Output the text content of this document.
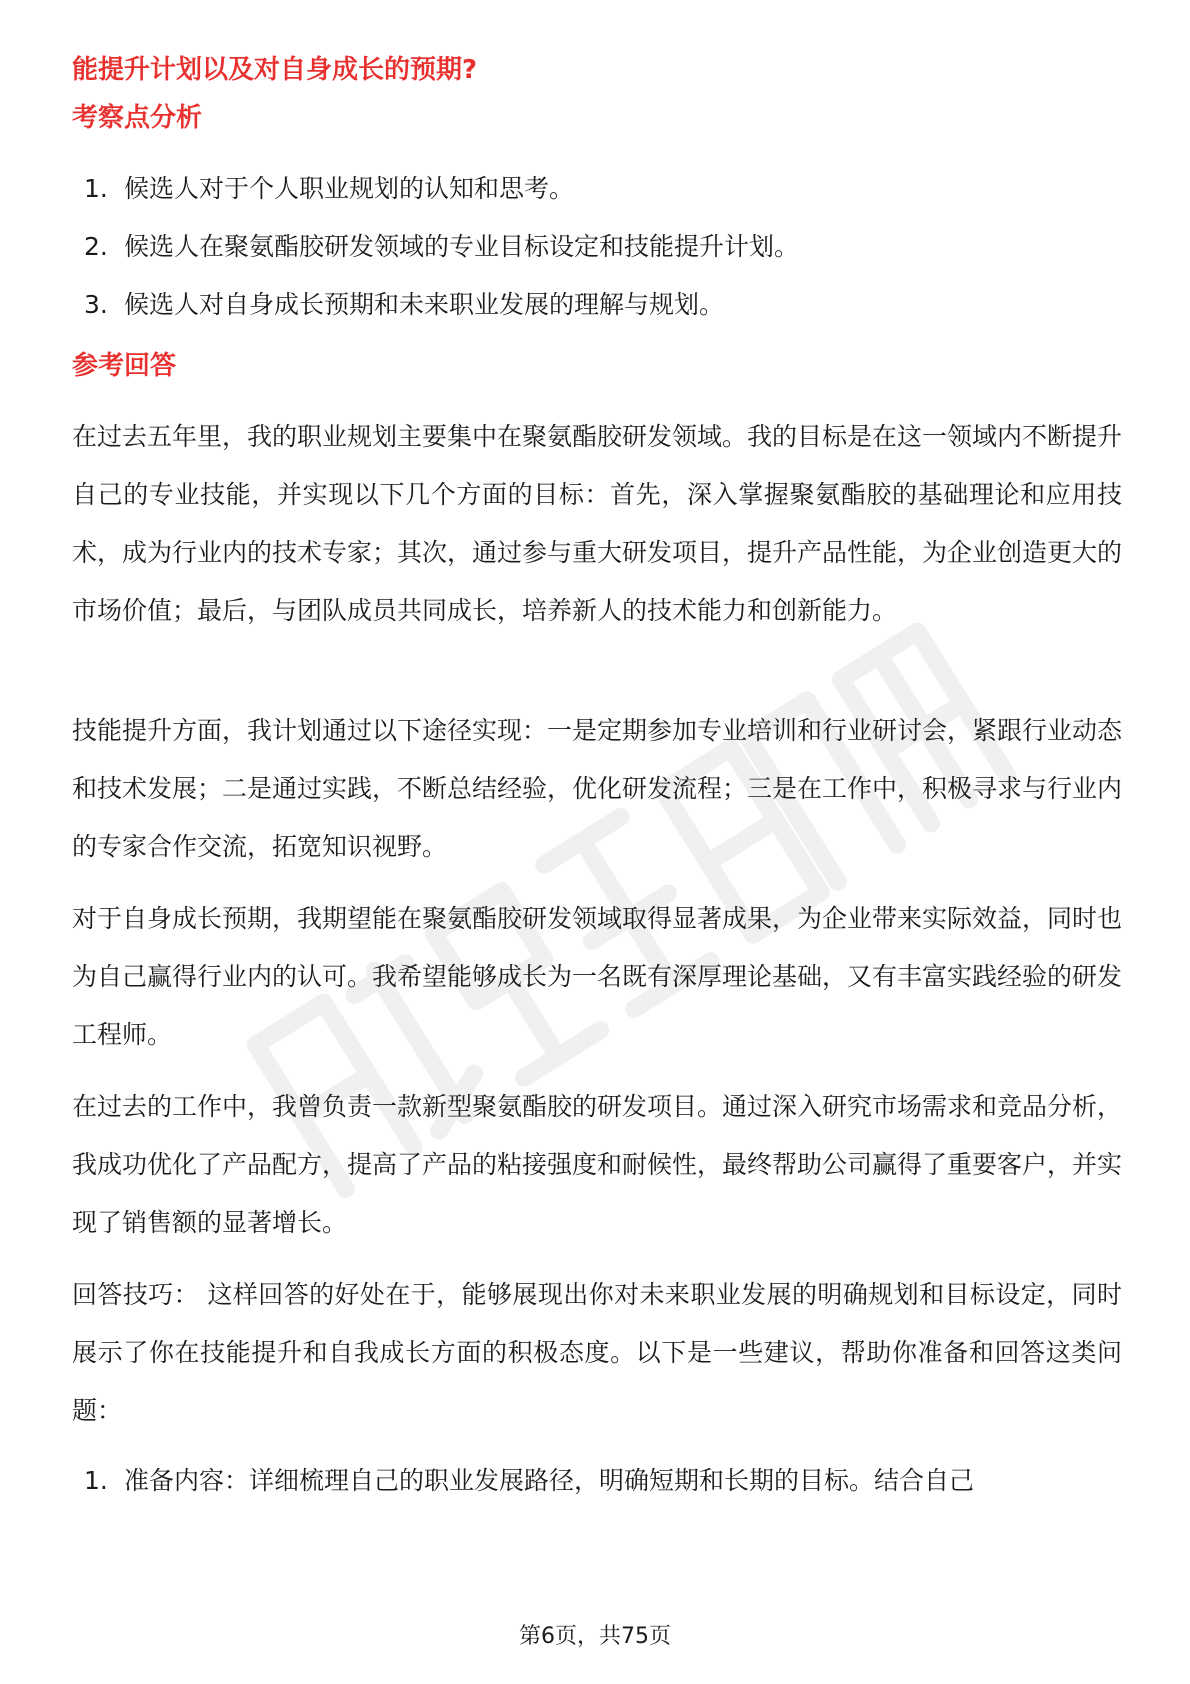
能提升计划以及对自身成长的预期?
考察点分析
1. 候选人对于个人职业规划的认知和思考。
2. 候选人在聚氨酯胶研发领域的专业目标设定和技能提升计划。
3. 候选人对自身成长预期和未来职业发展的理解与规划。
参考回答

在过去五年里，我的职业规划主要集中在聚氨酯胶研发领域。我的目标是在这一领域内不断提升自己的专业技能，并实现以下几个方面的目标：首先，深入掌握聚氨酯胶的基础理论和应用技术，成为行业内的技术专家；其次，通过参与重大研发项目，提升产品性能，为企业创造更大的市场价值；最后，与团队成员共同成长，培养新人的技术能力和创新能力。

技能提升方面，我计划通过以下途径实现：一是定期参加专业培训和行业研讨会，紧跟行业动态和技术发展；二是通过实践，不断总结经验，优化研发流程；三是在工作中，积极寻求与行业内的专家合作交流，拓宽知识视野。

对于自身成长预期，我期望能在聚氨酯胶研发领域取得显著成果，为企业带来实际效益，同时也为自己赢得行业内的认可。我希望能够成长为一名既有深厚理论基础，又有丰富实践经验的研发工程师。

在过去的工作中，我曾负责一款新型聚氨酯胶的研发项目。通过深入研究市场需求和竞品分析，我成功优化了产品配方，提高了产品的粘接强度和耐候性，最终帮助公司赢得了重要客户，并实现了销售额的显著增长。

回答技巧： 这样回答的好处在于，能够展现出你对未来职业发展的明确规划和目标设定，同时展示了你在技能提升和自我成长方面的积极态度。以下是一些建议，帮助你准备和回答这类问题：

1. 准备内容：详细梳理自己的职业发展路径，明确短期和长期的目标。结合自己
第6页，共75页
